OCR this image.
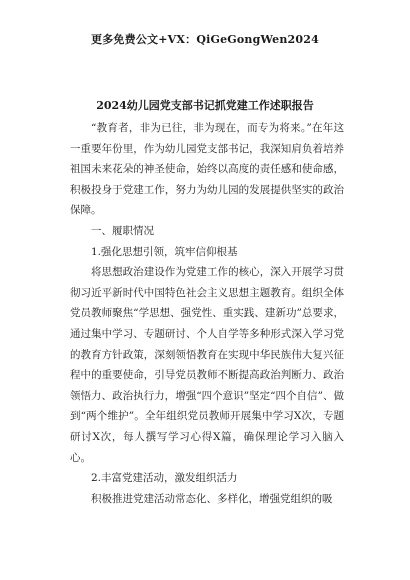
更多免费公文+VX：QiGeGongWen2024
2024幼儿园党支部书记抓党建工作述职报告

“教育者，非为已往，非为现在，而专为将来。”在年这一重要年份里，作为幼儿园党支部书记，我深知肩负着培养祖国未来花朵的神圣使命，始终以高度的责任感和使命感，积极投身于党建工作，努力为幼儿园的发展提供坚实的政治保障。

一、履职情况

1.强化思想引领，筑牢信仰根基

将思想政治建设作为党建工作的核心，深入开展学习贯彻习近平新时代中国特色社会主义思想主题教育。组织全体党员教师聚焦“学思想、强党性、重实践、建新功”总要求，通过集中学习、专题研讨、个人自学等多种形式深入学习党的教育方针政策，深刻领悟教育在实现中华民族伟大复兴征程中的重要使命，引导党员教师不断提高政治判断力、政治领悟力、政治执行力，增强“四个意识”坚定“四个自信”、做到“两个维护”。全年组织党员教师开展集中学习X次，专题研讨X次，每人撰写学习心得X篇，确保理论学习入脑入心。

2.丰富党建活动，激发组织活力

积极推进党建活动常态化、多样化，增强党组织的吸
